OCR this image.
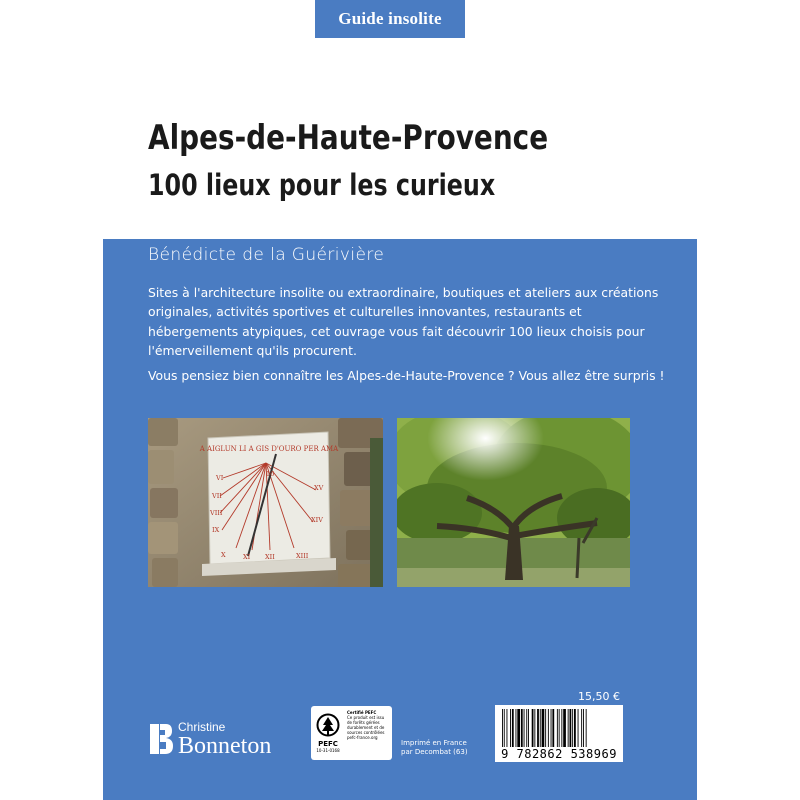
Guide insolite
Alpes-de-Haute-Provence
100 lieux pour les curieux
Bénédicte de la Guérivière

Sites à l'architecture insolite ou extraordinaire, boutiques et ateliers aux créations originales, activités sportives et culturelles innovantes, restaurants et hébergements atypiques, cet ouvrage vous fait découvrir 100 lieux choisis pour l'émerveillement qu'ils procurent.

Vous pensiez bien connaître les Alpes-de-Haute-Provence ? Vous allez être surpris !

A AIGLUN LI A GIS D'OURO PER AMA
VI
VII
VIII
IX
X	XI XII	XIII
XIV
XV
16
Christine
Bonneton	PEFC
10-31-0168
Certifié PEFC
Ce produit est issu
de forêts gérées
durablement et de
sources contrôlées
pefc-france.org
Imprimé en France
par Decombat (63)
15,50 €
9 782862 538969
